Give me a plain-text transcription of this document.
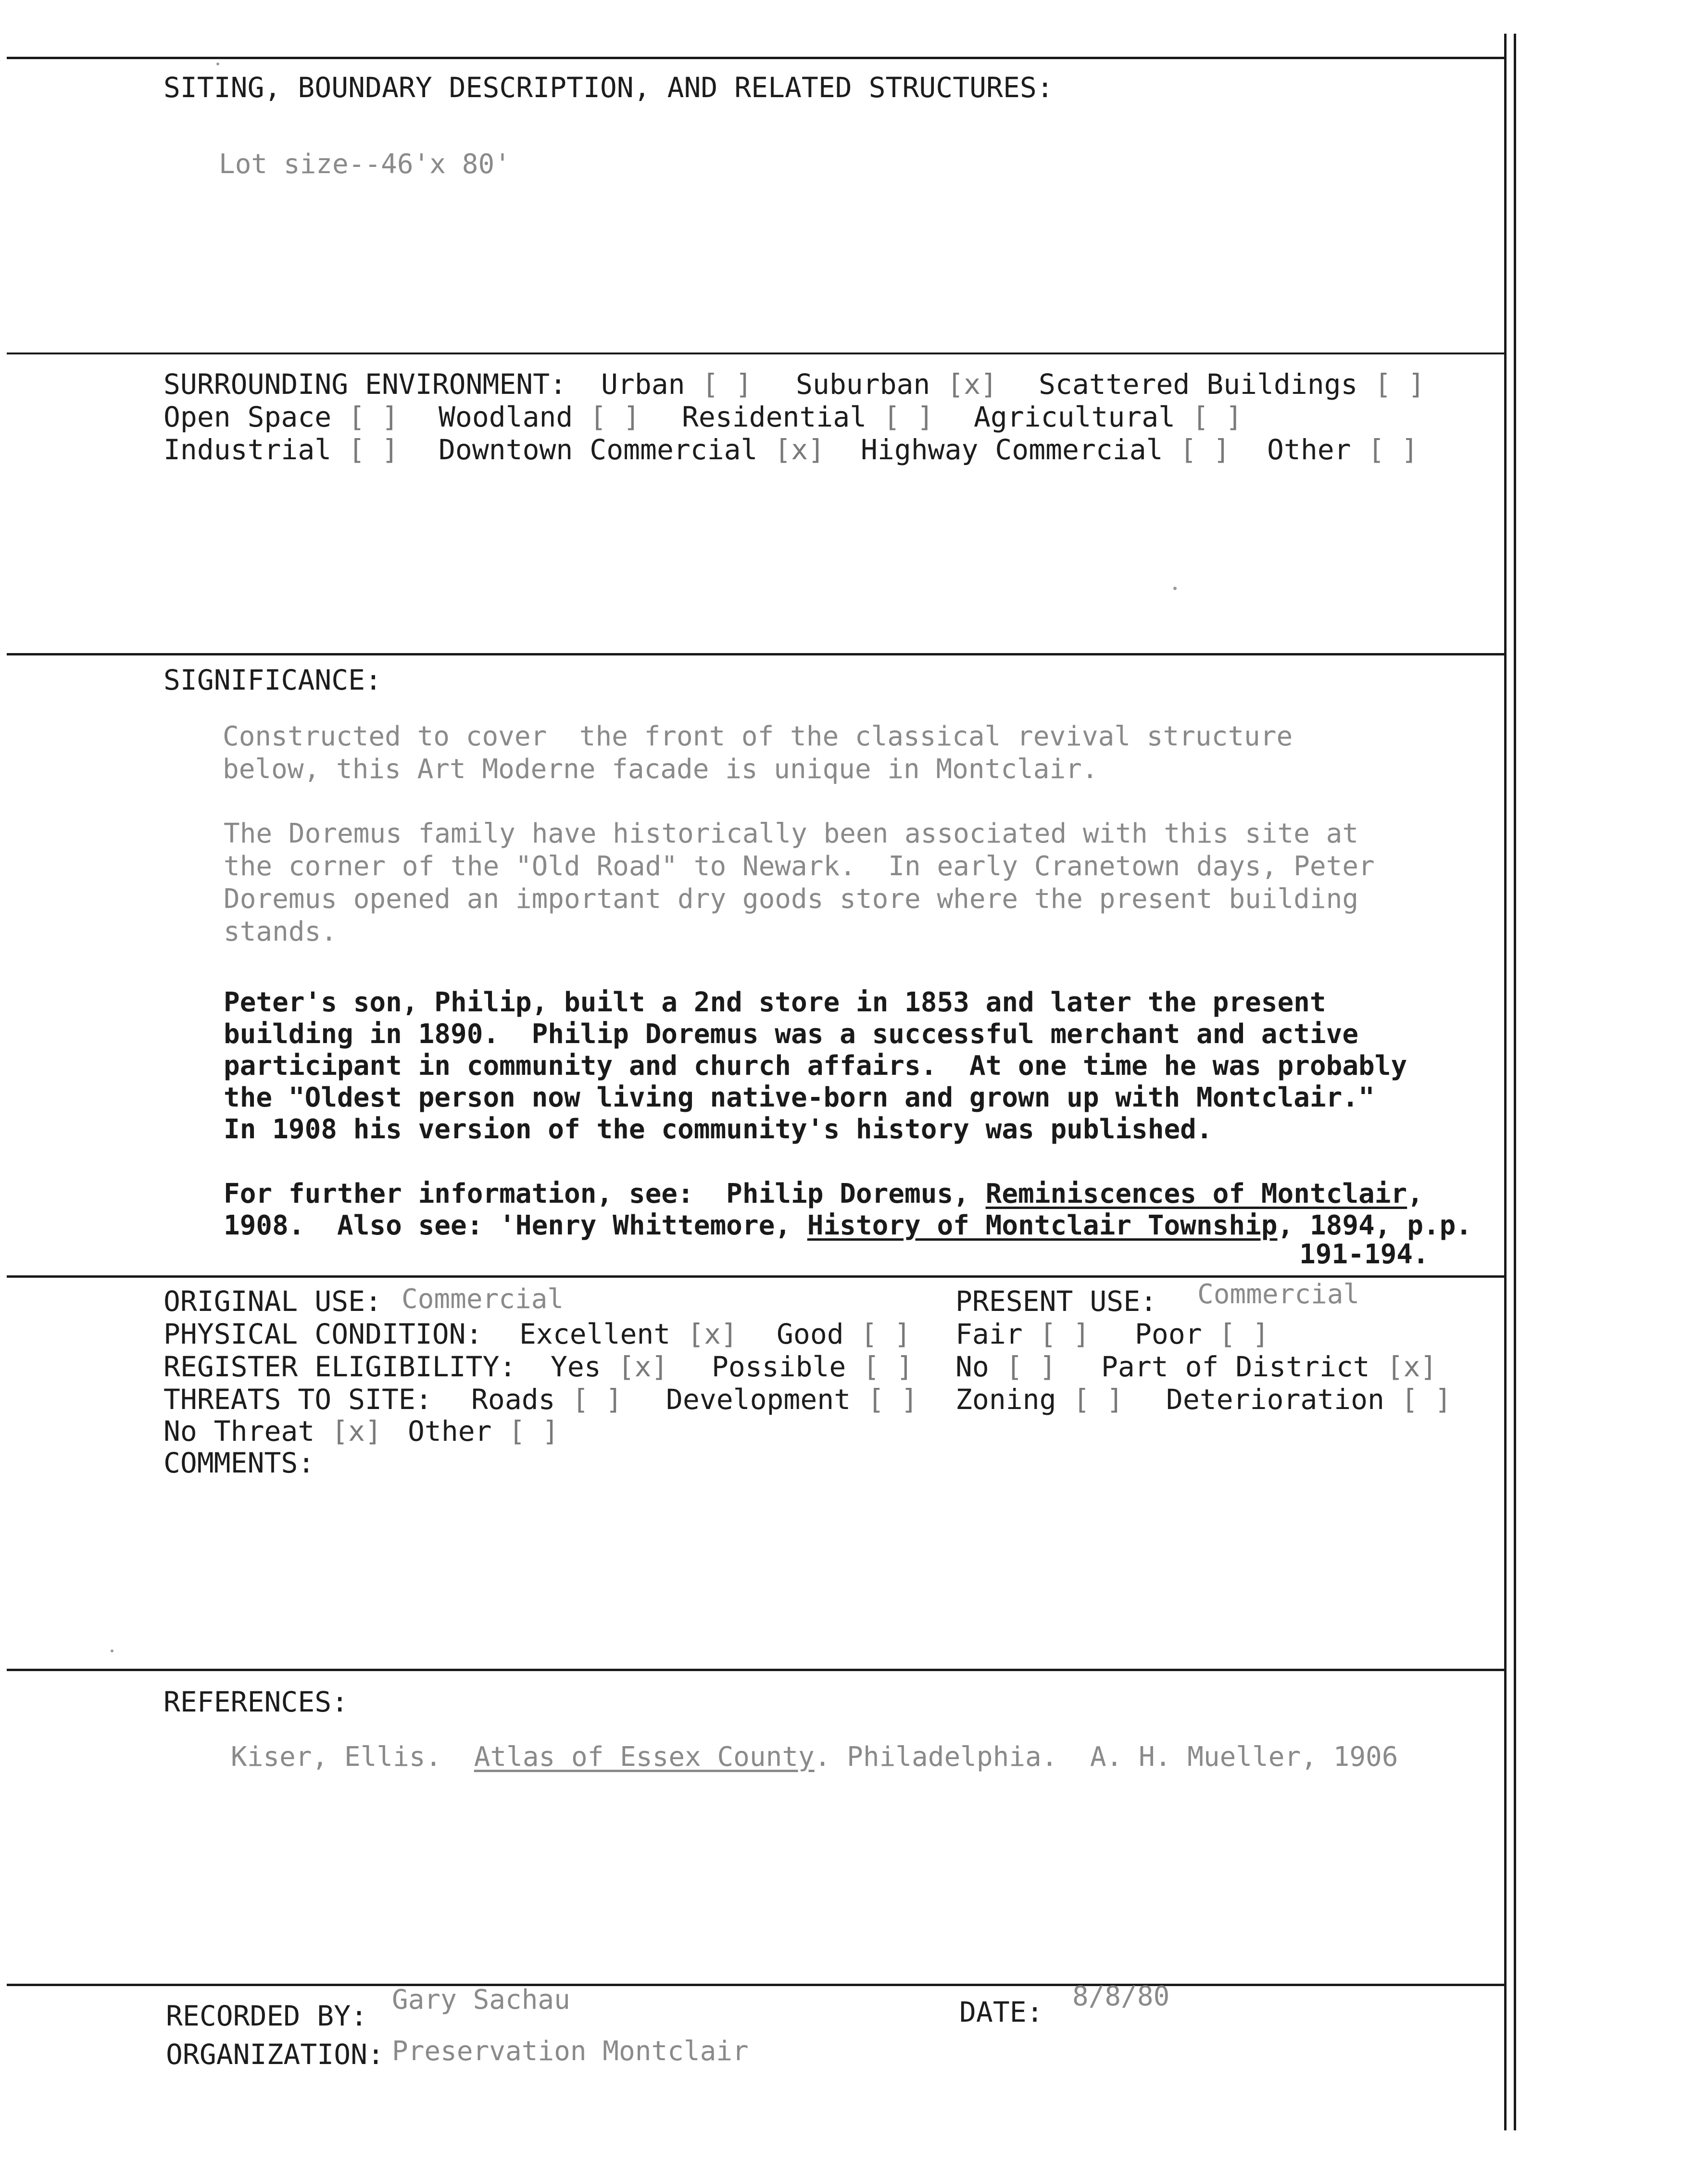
SITING, BOUNDARY DESCRIPTION, AND RELATED STRUCTURES:
Lot size--46'x 80'
SURROUNDING ENVIRONMENT: Urban [ ] Suburban [x] Scattered Buildings [ ]
Open Space [ ] Woodland [ ] Residential [ ] Agricultural [ ]
Industrial [ ] Downtown Commercial [x] Highway Commercial [ ] Other [ ]
SIGNIFICANCE:
Constructed to cover  the front of the classical revival structure
below, this Art Moderne facade is unique in Montclair.
The Doremus family have historically been associated with this site at
the corner of the "Old Road" to Newark.  In early Cranetown days, Peter
Doremus opened an important dry goods store where the present building
stands.
Peter's son, Philip, built a 2nd store in 1853 and later the present
building in 1890.  Philip Doremus was a successful merchant and active
participant in community and church affairs.  At one time he was probably
the "Oldest person now living native-born and grown up with Montclair."
In 1908 his version of the community's history was published.
For further information, see:  Philip Doremus, Reminiscences of Montclair,
1908.  Also see: 'Henry Whittemore, History of Montclair Township, 1894, p.p.
191-194.
ORIGINAL USE: Commercial	PRESENT USE: Commercial
PHYSICAL CONDITION: Excellent [x] Good [ ] Fair [ ] Poor [ ]
REGISTER ELIGIBILITY: Yes [x] Possible [ ] No [ ] Part of District [x]
THREATS TO SITE: Roads [ ] Development [ ] Zoning [ ] Deterioration [ ]
No Threat [x] Other [ ]
COMMENTS:
REFERENCES:
Kiser, Ellis.  Atlas of Essex County. Philadelphia.  A. H. Mueller, 1906
RECORDED BY: Gary Sachau	DATE: 8/8/80
ORGANIZATION: Preservation Montclair
